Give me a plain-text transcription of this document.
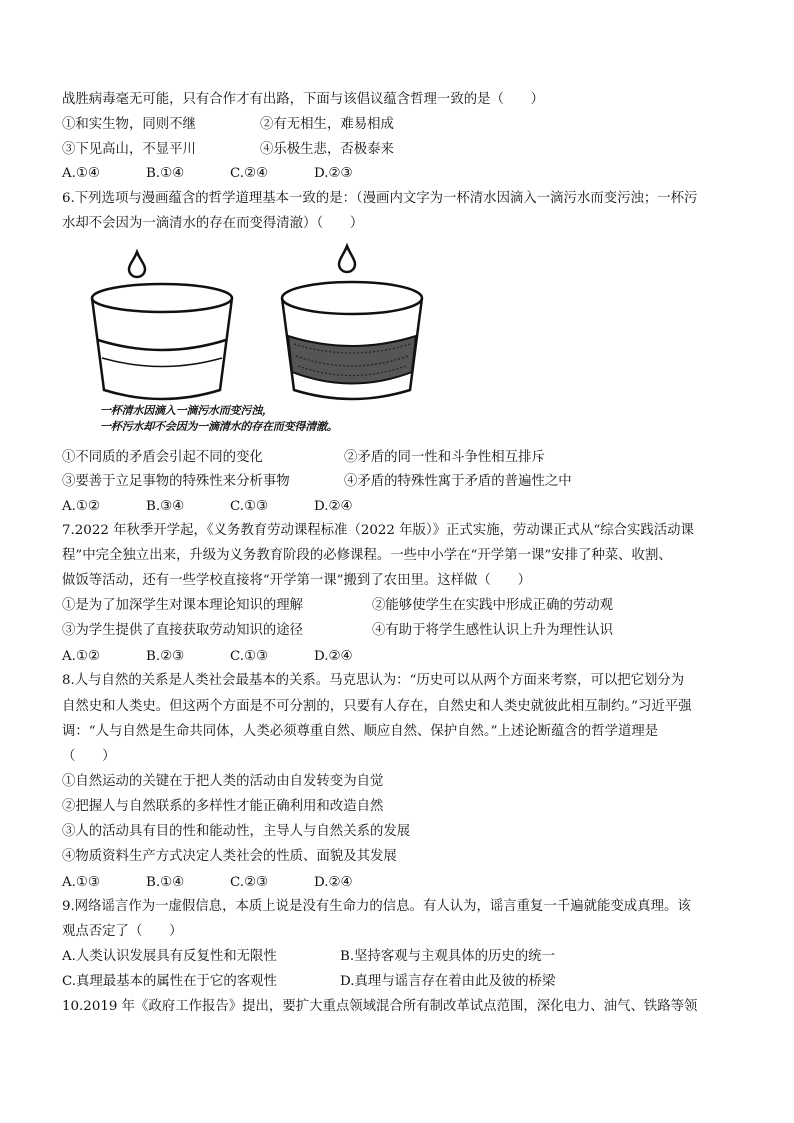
战胜病毒毫无可能，只有合作才有出路，下面与该倡议蕴含哲理一致的是（　　）
①和实生物，同则不继	②有无相生，难易相成
③下见高山，不显平川	④乐极生悲，否极泰来
A.①④	B.①④	C.②④	D.②③
6.下列选项与漫画蕴含的哲学道理基本一致的是：（漫画内文字为一杯清水因滴入一滴污水而变污浊；一杯污
水却不会因为一滴清水的存在而变得清澈）（　　）
一杯清水因滴入一滴污水而变污浊，
一杯污水却不会因为一滴清水的存在而变得清澈。
①不同质的矛盾会引起不同的变化	②矛盾的同一性和斗争性相互排斥
③要善于立足事物的特殊性来分析事物	④矛盾的特殊性寓于矛盾的普遍性之中
A.①②	B.③④	C.①③	D.②④
7.2022 年秋季开学起，《义务教育劳动课程标准（2022 年版）》正式实施，劳动课正式从“综合实践活动课
程”中完全独立出来，升级为义务教育阶段的必修课程。一些中小学在“开学第一课”安排了种菜、收割、
做饭等活动，还有一些学校直接将“开学第一课”搬到了农田里。这样做（　　）
①是为了加深学生对课本理论知识的理解	②能够使学生在实践中形成正确的劳动观
③为学生提供了直接获取劳动知识的途径	④有助于将学生感性认识上升为理性认识
A.①②	B.②③	C.①③	D.②④
8.人与自然的关系是人类社会最基本的关系。马克思认为：“历史可以从两个方面来考察，可以把它划分为
自然史和人类史。但这两个方面是不可分割的，只要有人存在，自然史和人类史就彼此相互制约。”习近平强
调：“人与自然是生命共同体，人类必须尊重自然、顺应自然、保护自然。”上述论断蕴含的哲学道理是
（　　）
①自然运动的关键在于把人类的活动由自发转变为自觉
②把握人与自然联系的多样性才能正确利用和改造自然
③人的活动具有目的性和能动性，主导人与自然关系的发展
④物质资料生产方式决定人类社会的性质、面貌及其发展
A.①③	B.①④	C.②③	D.②④
9.网络谣言作为一虚假信息，本质上说是没有生命力的信息。有人认为，谣言重复一千遍就能变成真理。该
观点否定了（　　）
A.人类认识发展具有反复性和无限性	B.坚持客观与主观具体的历史的统一
C.真理最基本的属性在于它的客观性	D.真理与谣言存在着由此及彼的桥梁
10.2019 年《政府工作报告》提出，要扩大重点领域混合所有制改革试点范围，深化电力、油气、铁路等领
